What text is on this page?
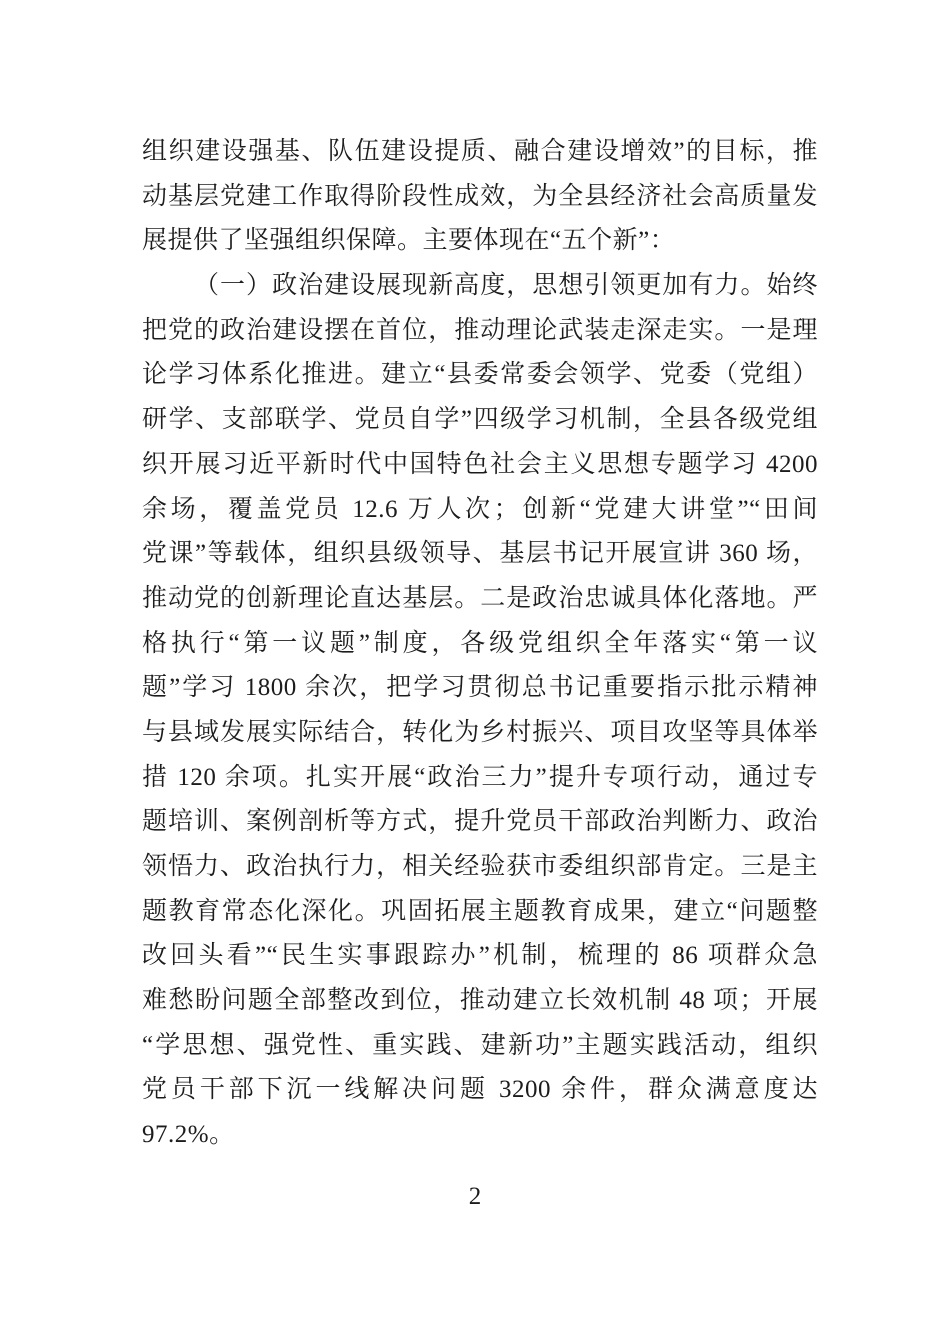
组织建设强基、队伍建设提质、融合建设增效”的目标，推
动基层党建工作取得阶段性成效，为全县经济社会高质量发
展提供了坚强组织保障。主要体现在“五个新”：
（一）政治建设展现新高度，思想引领更加有力。始终
把党的政治建设摆在首位，推动理论武装走深走实。一是理
论学习体系化推进。建立“县委常委会领学、党委（党组）
研学、支部联学、党员自学”四级学习机制，全县各级党组
织开展习近平新时代中国特色社会主义思想专题学习 4200
余场，覆盖党员 12.6 万人次；创新“党建大讲堂”“田间
党课”等载体，组织县级领导、基层书记开展宣讲 360 场，
推动党的创新理论直达基层。二是政治忠诚具体化落地。严
格执行“第一议题”制度，各级党组织全年落实“第一议
题”学习 1800 余次，把学习贯彻总书记重要指示批示精神
与县域发展实际结合，转化为乡村振兴、项目攻坚等具体举
措 120 余项。扎实开展“政治三力”提升专项行动，通过专
题培训、案例剖析等方式，提升党员干部政治判断力、政治
领悟力、政治执行力，相关经验获市委组织部肯定。三是主
题教育常态化深化。巩固拓展主题教育成果，建立“问题整
改回头看”“民生实事跟踪办”机制，梳理的 86 项群众急
难愁盼问题全部整改到位，推动建立长效机制 48 项；开展
“学思想、强党性、重实践、建新功”主题实践活动，组织
党员干部下沉一线解决问题 3200 余件，群众满意度达
97.2%。
2
